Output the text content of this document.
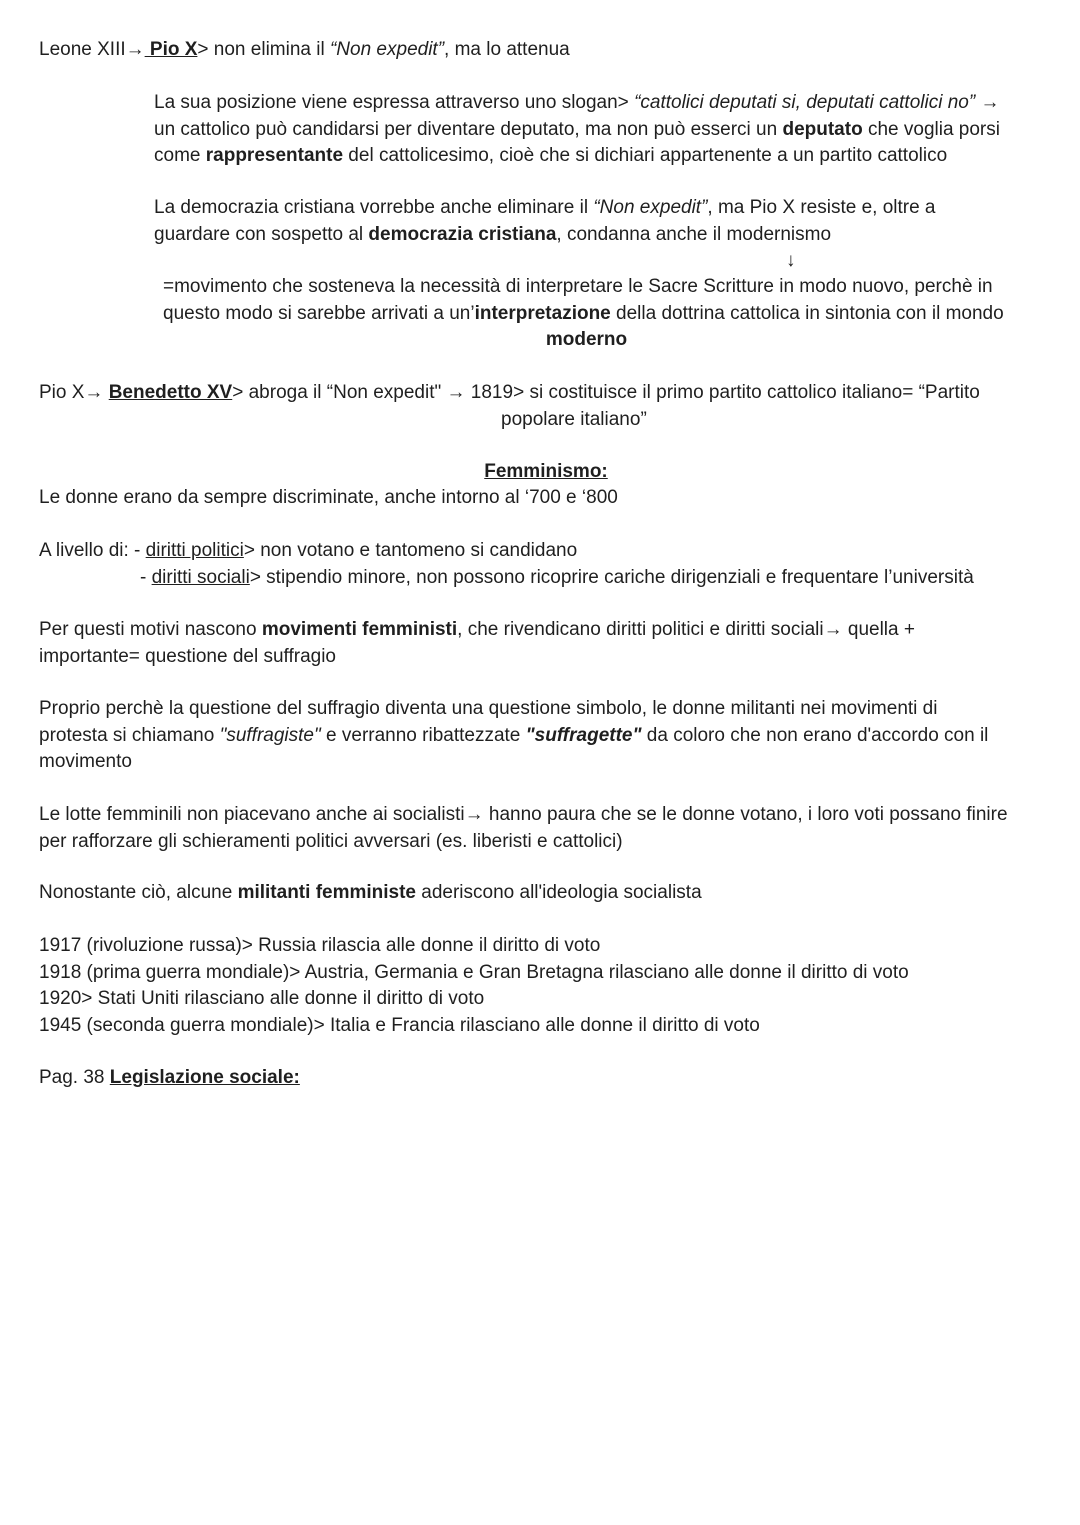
Leone XIII→ Pio X> non elimina il “Non expedit”, ma lo attenua
La sua posizione viene espressa attraverso uno slogan> “cattolici deputati si, deputati cattolici no” →
un cattolico può candidarsi per diventare deputato, ma non può esserci un deputato che voglia porsi
come rappresentante del cattolicesimo, cioè che si dichiari appartenente a un partito cattolico
La democrazia cristiana vorrebbe anche eliminare il “Non expedit”, ma Pio X resiste e, oltre a
guardare con sospetto al democrazia cristiana, condanna anche il modernismo
↓
=movimento che sosteneva la necessità di interpretare le Sacre Scritture in modo nuovo, perchè in
questo modo si sarebbe arrivati a un’interpretazione della dottrina cattolica in sintonia con il mondo
moderno
Pio X→ Benedetto XV> abroga il “Non expedit" → 1819> si costituisce il primo partito cattolico italiano= “Partito
popolare italiano”
Femminismo:
Le donne erano da sempre discriminate, anche intorno al ‘700 e ‘800
A livello di: - diritti politici> non votano e tantomeno si candidano
- diritti sociali> stipendio minore, non possono ricoprire cariche dirigenziali e frequentare l’università
Per questi motivi nascono movimenti femministi, che rivendicano diritti politici e diritti sociali→ quella +
importante= questione del suffragio
Proprio perchè la questione del suffragio diventa una questione simbolo, le donne militanti nei movimenti di
protesta si chiamano "suffragiste" e verranno ribattezzate "suffragette" da coloro che non erano d'accordo con il
movimento
Le lotte femminili non piacevano anche ai socialisti→ hanno paura che se le donne votano, i loro voti possano finire
per rafforzare gli schieramenti politici avversari (es. liberisti e cattolici)
Nonostante ciò, alcune militanti femministe aderiscono all'ideologia socialista
1917 (rivoluzione russa)> Russia rilascia alle donne il diritto di voto
1918 (prima guerra mondiale)> Austria, Germania e Gran Bretagna rilasciano alle donne il diritto di voto
1920> Stati Uniti rilasciano alle donne il diritto di voto
1945 (seconda guerra mondiale)> Italia e Francia rilasciano alle donne il diritto di voto
Pag. 38 Legislazione sociale:
